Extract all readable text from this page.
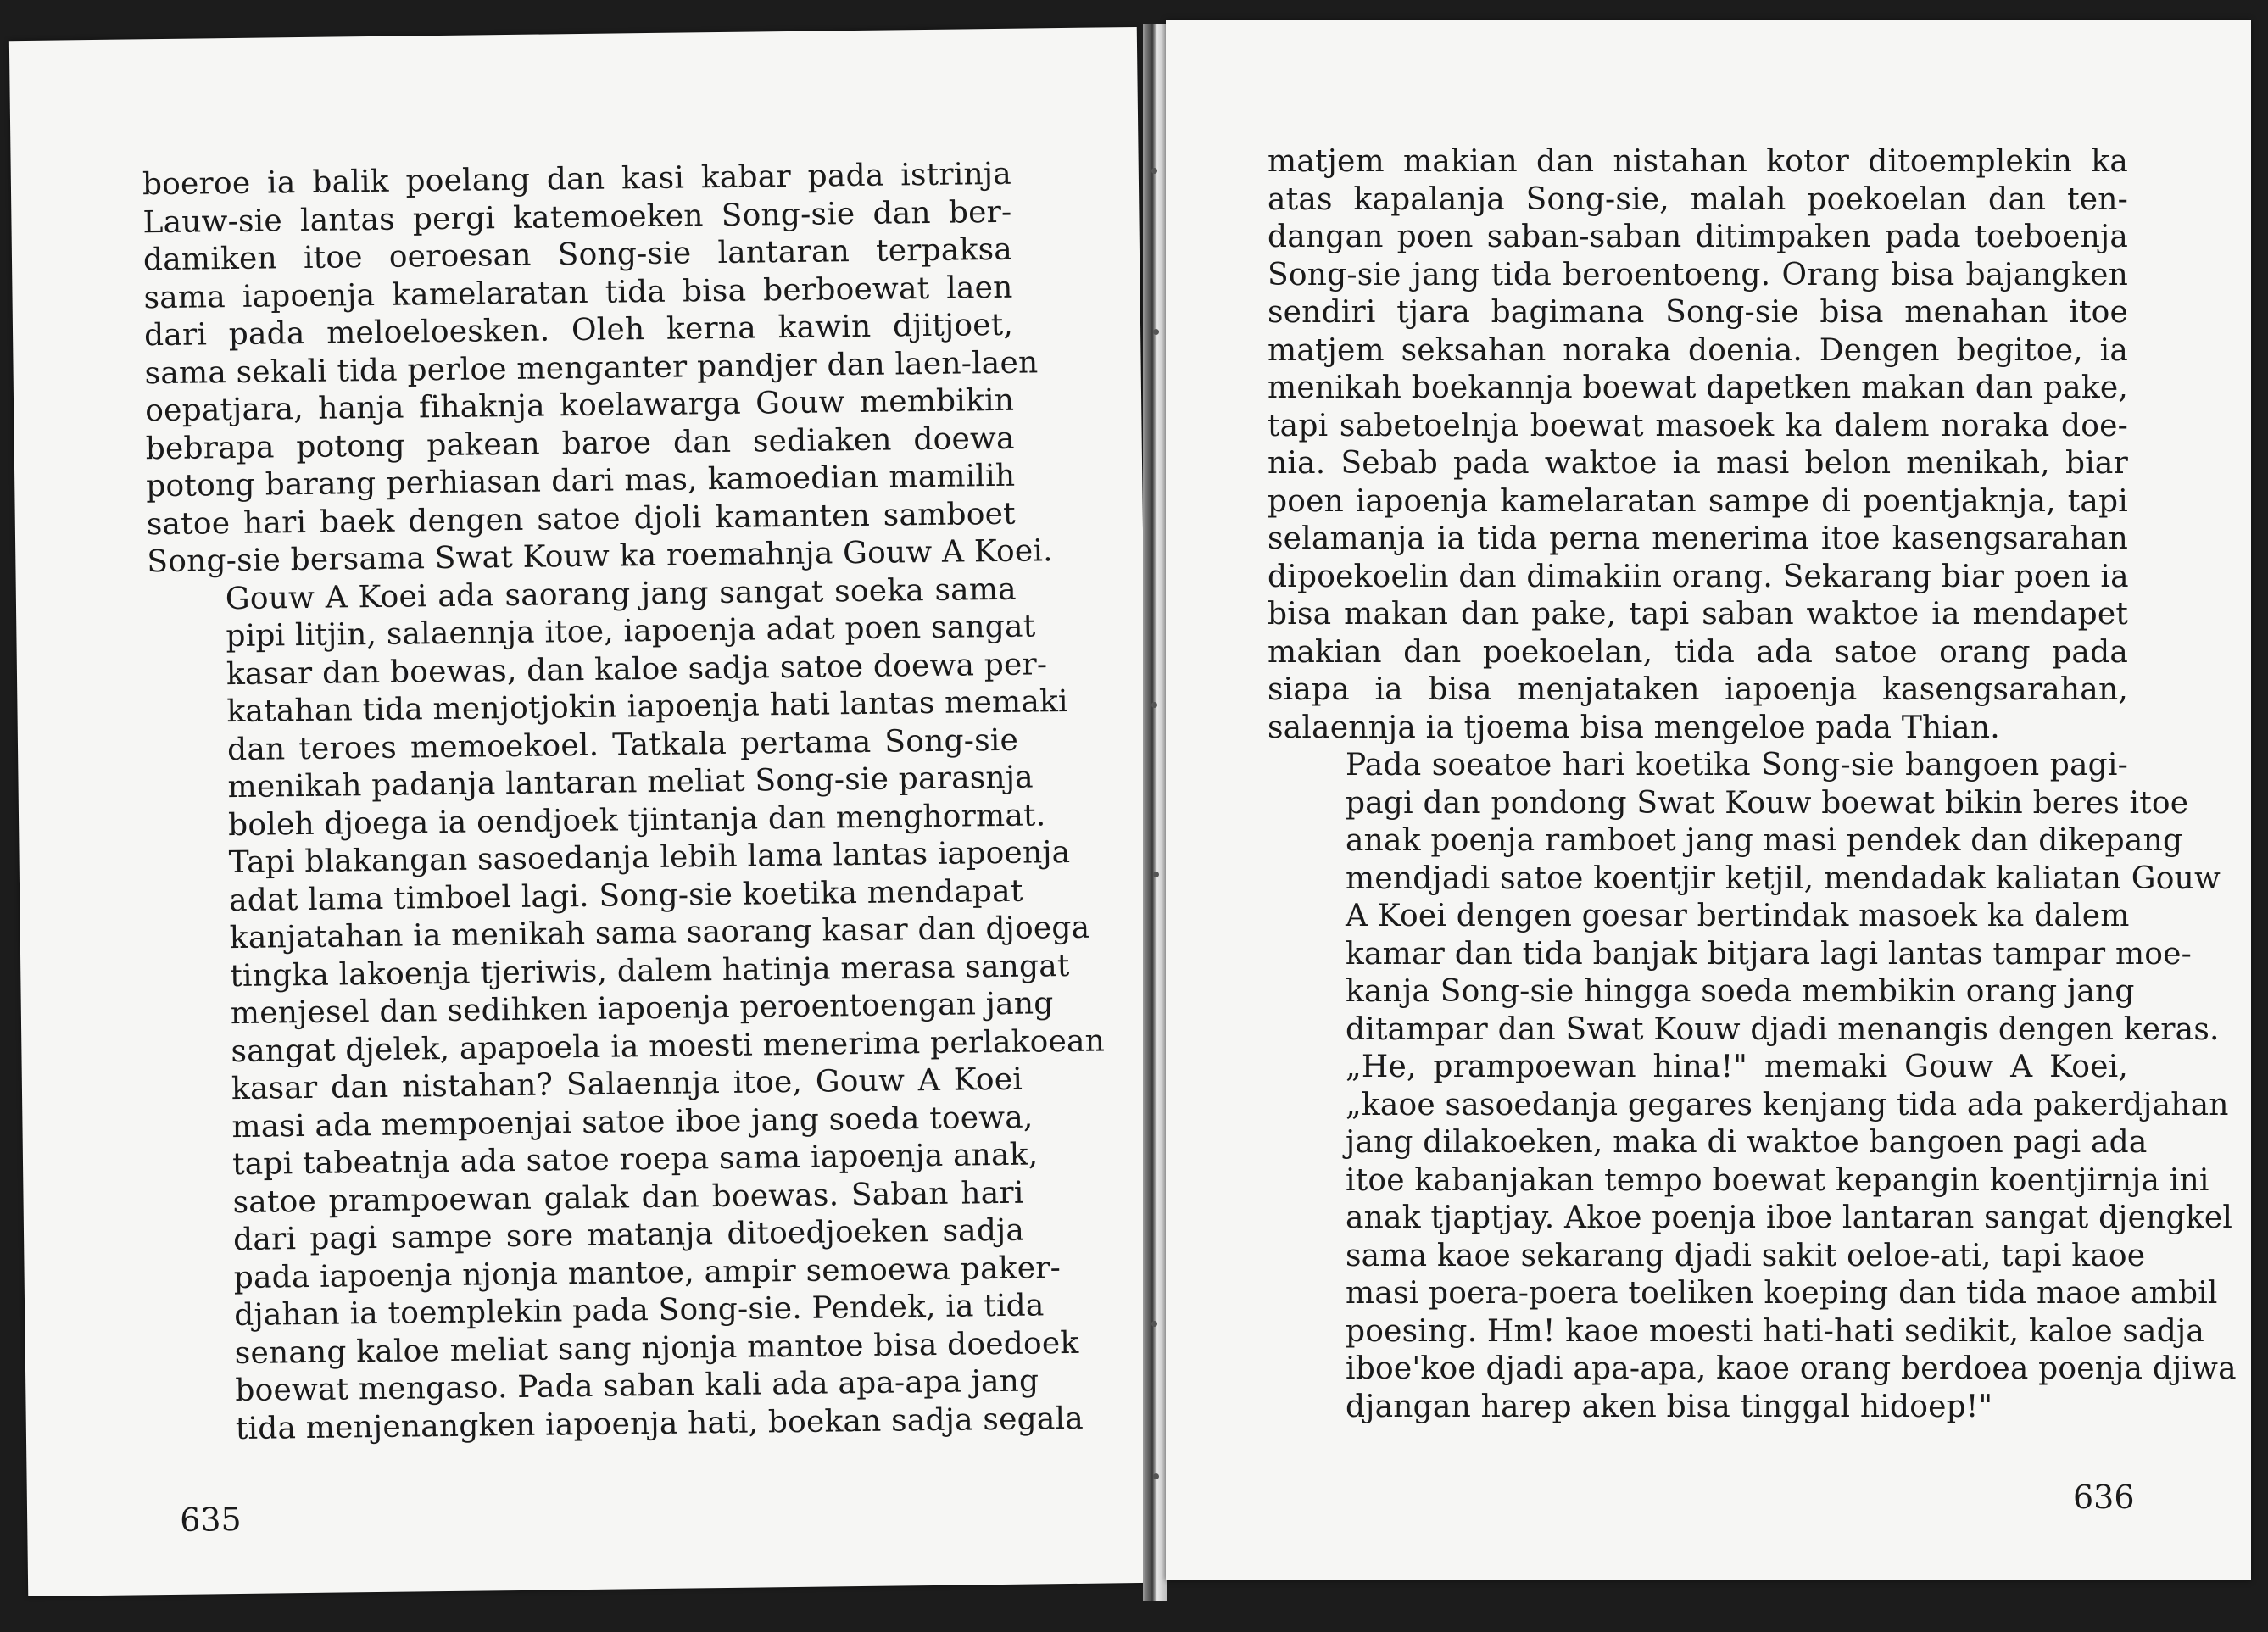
boeroe ia balik poelang dan kasi kabar pada istrinja
Lauw-sie lantas pergi katemoeken Song-sie dan ber-
damiken itoe oeroesan Song-sie lantaran terpaksa
sama iapoenja kamelaratan tida bisa berboewat laen
dari pada meloeloesken. Oleh kerna kawin djitjoet,
sama sekali tida perloe menganter pandjer dan laen-laen
oepatjara, hanja fihaknja koelawarga Gouw membikin
bebrapa potong pakean baroe dan sediaken doewa
potong barang perhiasan dari mas, kamoedian mamilih
satoe hari baek dengen satoe djoli kamanten samboet
Song-sie bersama Swat Kouw ka roemahnja Gouw A Koei.

Gouw A Koei ada saorang jang sangat soeka sama
pipi litjin, salaennja itoe, iapoenja adat poen sangat
kasar dan boewas, dan kaloe sadja satoe doewa per-
katahan tida menjotjokin iapoenja hati lantas memaki
dan teroes memoekoel. Tatkala pertama Song-sie
menikah padanja lantaran meliat Song-sie parasnja
boleh djoega ia oendjoek tjintanja dan menghormat.
Tapi blakangan sasoedanja lebih lama lantas iapoenja
adat lama timboel lagi. Song-sie koetika mendapat
kanjatahan ia menikah sama saorang kasar dan djoega
tingka lakoenja tjeriwis, dalem hatinja merasa sangat
menjesel dan sedihken iapoenja peroentoengan jang
sangat djelek, apapoela ia moesti menerima perlakoean
kasar dan nistahan? Salaennja itoe, Gouw A Koei
masi ada mempoenjai satoe iboe jang soeda toewa,
tapi tabeatnja ada satoe roepa sama iapoenja anak,
satoe prampoewan galak dan boewas. Saban hari
dari pagi sampe sore matanja ditoedjoeken sadja
pada iapoenja njonja mantoe, ampir semoewa paker-
djahan ia toemplekin pada Song-sie. Pendek, ia tida
senang kaloe meliat sang njonja mantoe bisa doedoek
boewat mengaso. Pada saban kali ada apa-apa jang
tida menjenangken iapoenja hati, boekan sadja segala

635

matjem makian dan nistahan kotor ditoemplekin ka
atas kapalanja Song-sie, malah poekoelan dan ten-
dangan poen saban-saban ditimpaken pada toeboenja
Song-sie jang tida beroentoeng. Orang bisa bajangken
sendiri tjara bagimana Song-sie bisa menahan itoe
matjem seksahan noraka doenia. Dengen begitoe, ia
menikah boekannja boewat dapetken makan dan pake,
tapi sabetoelnja boewat masoek ka dalem noraka doe-
nia. Sebab pada waktoe ia masi belon menikah, biar
poen iapoenja kamelaratan sampe di poentjaknja, tapi
selamanja ia tida perna menerima itoe kasengsarahan
dipoekoelin dan dimakiin orang. Sekarang biar poen ia
bisa makan dan pake, tapi saban waktoe ia mendapet
makian dan poekoelan, tida ada satoe orang pada
siapa ia bisa menjataken iapoenja kasengsarahan,
salaennja ia tjoema bisa mengeloe pada Thian.

Pada soeatoe hari koetika Song-sie bangoen pagi-
pagi dan pondong Swat Kouw boewat bikin beres itoe
anak poenja ramboet jang masi pendek dan dikepang
mendjadi satoe koentjir ketjil, mendadak kaliatan Gouw
A Koei dengen goesar bertindak masoek ka dalem
kamar dan tida banjak bitjara lagi lantas tampar moe-
kanja Song-sie hingga soeda membikin orang jang
ditampar dan Swat Kouw djadi menangis dengen keras.

„He, prampoewan hina!" memaki Gouw A Koei,
„kaoe sasoedanja gegares kenjang tida ada pakerdjahan
jang dilakoeken, maka di waktoe bangoen pagi ada
itoe kabanjakan tempo boewat kepangin koentjirnja ini
anak tjaptjay. Akoe poenja iboe lantaran sangat djengkel
sama kaoe sekarang djadi sakit oeloe-ati, tapi kaoe
masi poera-poera toeliken koeping dan tida maoe ambil
poesing. Hm! kaoe moesti hati-hati sedikit, kaloe sadja
iboe'koe djadi apa-apa, kaoe orang berdoea poenja djiwa
djangan harep aken bisa tinggal hidoep!"

636
